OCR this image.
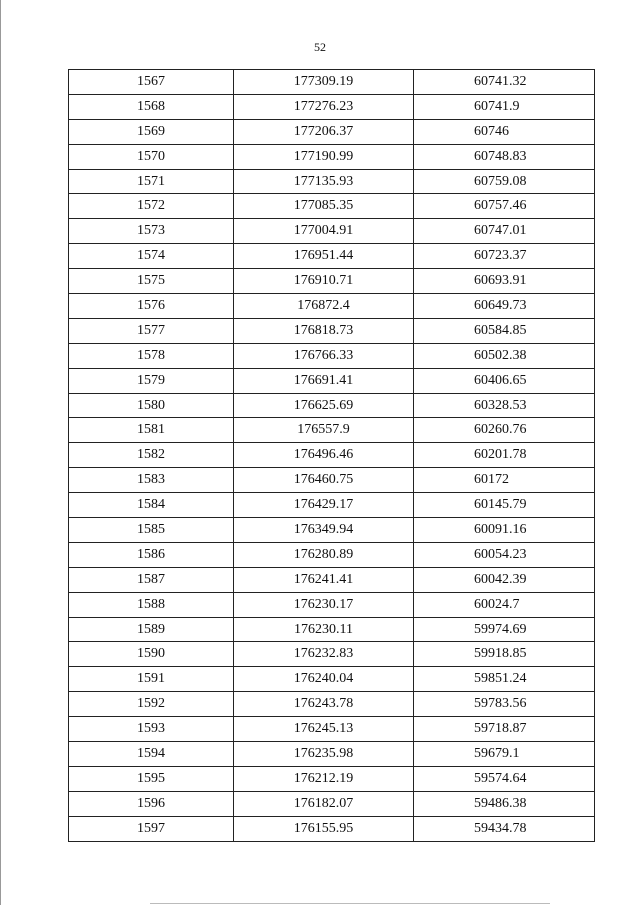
52
1567	177309.19	60741.32
1568	177276.23	60741.9
1569	177206.37	60746
1570	177190.99	60748.83
1571	177135.93	60759.08
1572	177085.35	60757.46
1573	177004.91	60747.01
1574	176951.44	60723.37
1575	176910.71	60693.91
1576	176872.4	60649.73
1577	176818.73	60584.85
1578	176766.33	60502.38
1579	176691.41	60406.65
1580	176625.69	60328.53
1581	176557.9	60260.76
1582	176496.46	60201.78
1583	176460.75	60172
1584	176429.17	60145.79
1585	176349.94	60091.16
1586	176280.89	60054.23
1587	176241.41	60042.39
1588	176230.17	60024.7
1589	176230.11	59974.69
1590	176232.83	59918.85
1591	176240.04	59851.24
1592	176243.78	59783.56
1593	176245.13	59718.87
1594	176235.98	59679.1
1595	176212.19	59574.64
1596	176182.07	59486.38
1597	176155.95	59434.78
